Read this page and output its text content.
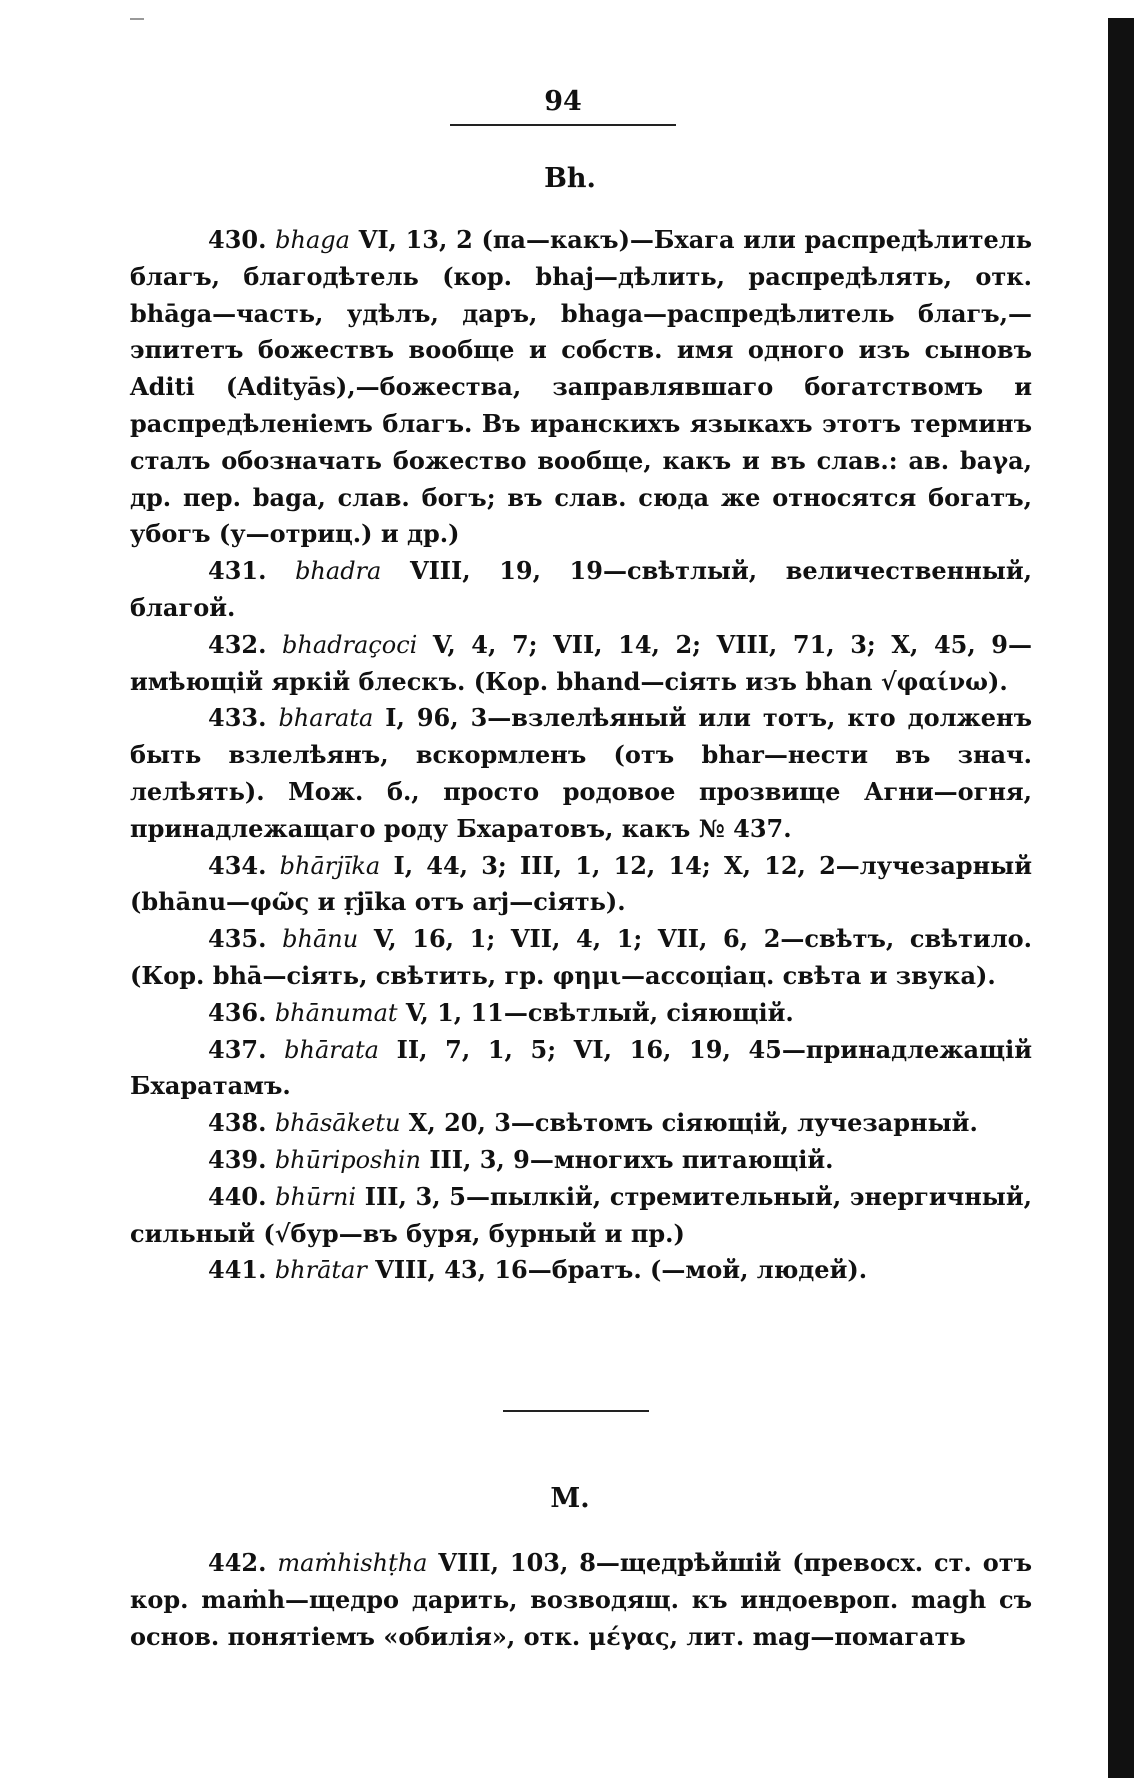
94
Bh.

430. bhaga VI, 13, 2 (па—какъ)—Бхага или распредѣлитель благъ, благодѣтель (кор. bhaj—дѣлить, распредѣлять, отк. bhāga—часть, удѣлъ, даръ, bhaga—распредѣлитель благъ,—эпитетъ божествъ вообще и собств. имя одного изъ сыновъ Aditi (Adityās),—божества, заправлявшаго богатствомъ и распредѣленіемъ благъ. Въ иранскихъ языкахъ этотъ терминъ сталъ обозначать божество вообще, какъ и въ слав.: ав. baγa, др. пер. baga, слав. богъ; въ слав. сюда же относятся богатъ, убогъ (у—отриц.) и др.)

431. bhadra VIII, 19, 19—свѣтлый, величественный, благой.

432. bhadraçoci V, 4, 7; VII, 14, 2; VIII, 71, 3; X, 45, 9—имѣющій яркій блескъ. (Кор. bhand—сіять изъ bhan √φαίνω).

433. bharata I, 96, 3—взлелѣяный или тотъ, кто долженъ быть взлелѣянъ, вскормленъ (отъ bhar—нести въ знач. лелѣять). Мож. б., просто родовое прозвище Агни—огня, принадлежащаго роду Бхаратовъ, какъ № 437.

434. bhārjīka I, 44, 3; III, 1, 12, 14; X, 12, 2—лучезарный (bhānu—φῶς и ṛjīka отъ arj—сіять).

435. bhānu V, 16, 1; VII, 4, 1; VII, 6, 2—свѣтъ, свѣтило. (Кор. bhā—сіять, свѣтить, гр. φημι—ассоціац. свѣта и звука).

436. bhānumat V, 1, 11—свѣтлый, сіяющій.

437. bhārata II, 7, 1, 5; VI, 16, 19, 45—принадлежащій Бхаратамъ.

438. bhāsāketu X, 20, 3—свѣтомъ сіяющій, лучезарный.

439. bhūriposhin III, 3, 9—многихъ питающій.

440. bhūrni III, 3, 5—пылкій, стремительный, энергичный, сильный (√бур—въ буря, бурный и пр.)

441. bhrātar VIII, 43, 16—братъ. (—мой, людей).

M.

442. maṁhishṭha VIII, 103, 8—щедрѣйшій (превосх. ст. отъ кор. maṁh—щедро дарить, возводящ. къ индоевроп. magh съ основ. понятіемъ «обилія», отк. μέγας, лит. mag—помагать
